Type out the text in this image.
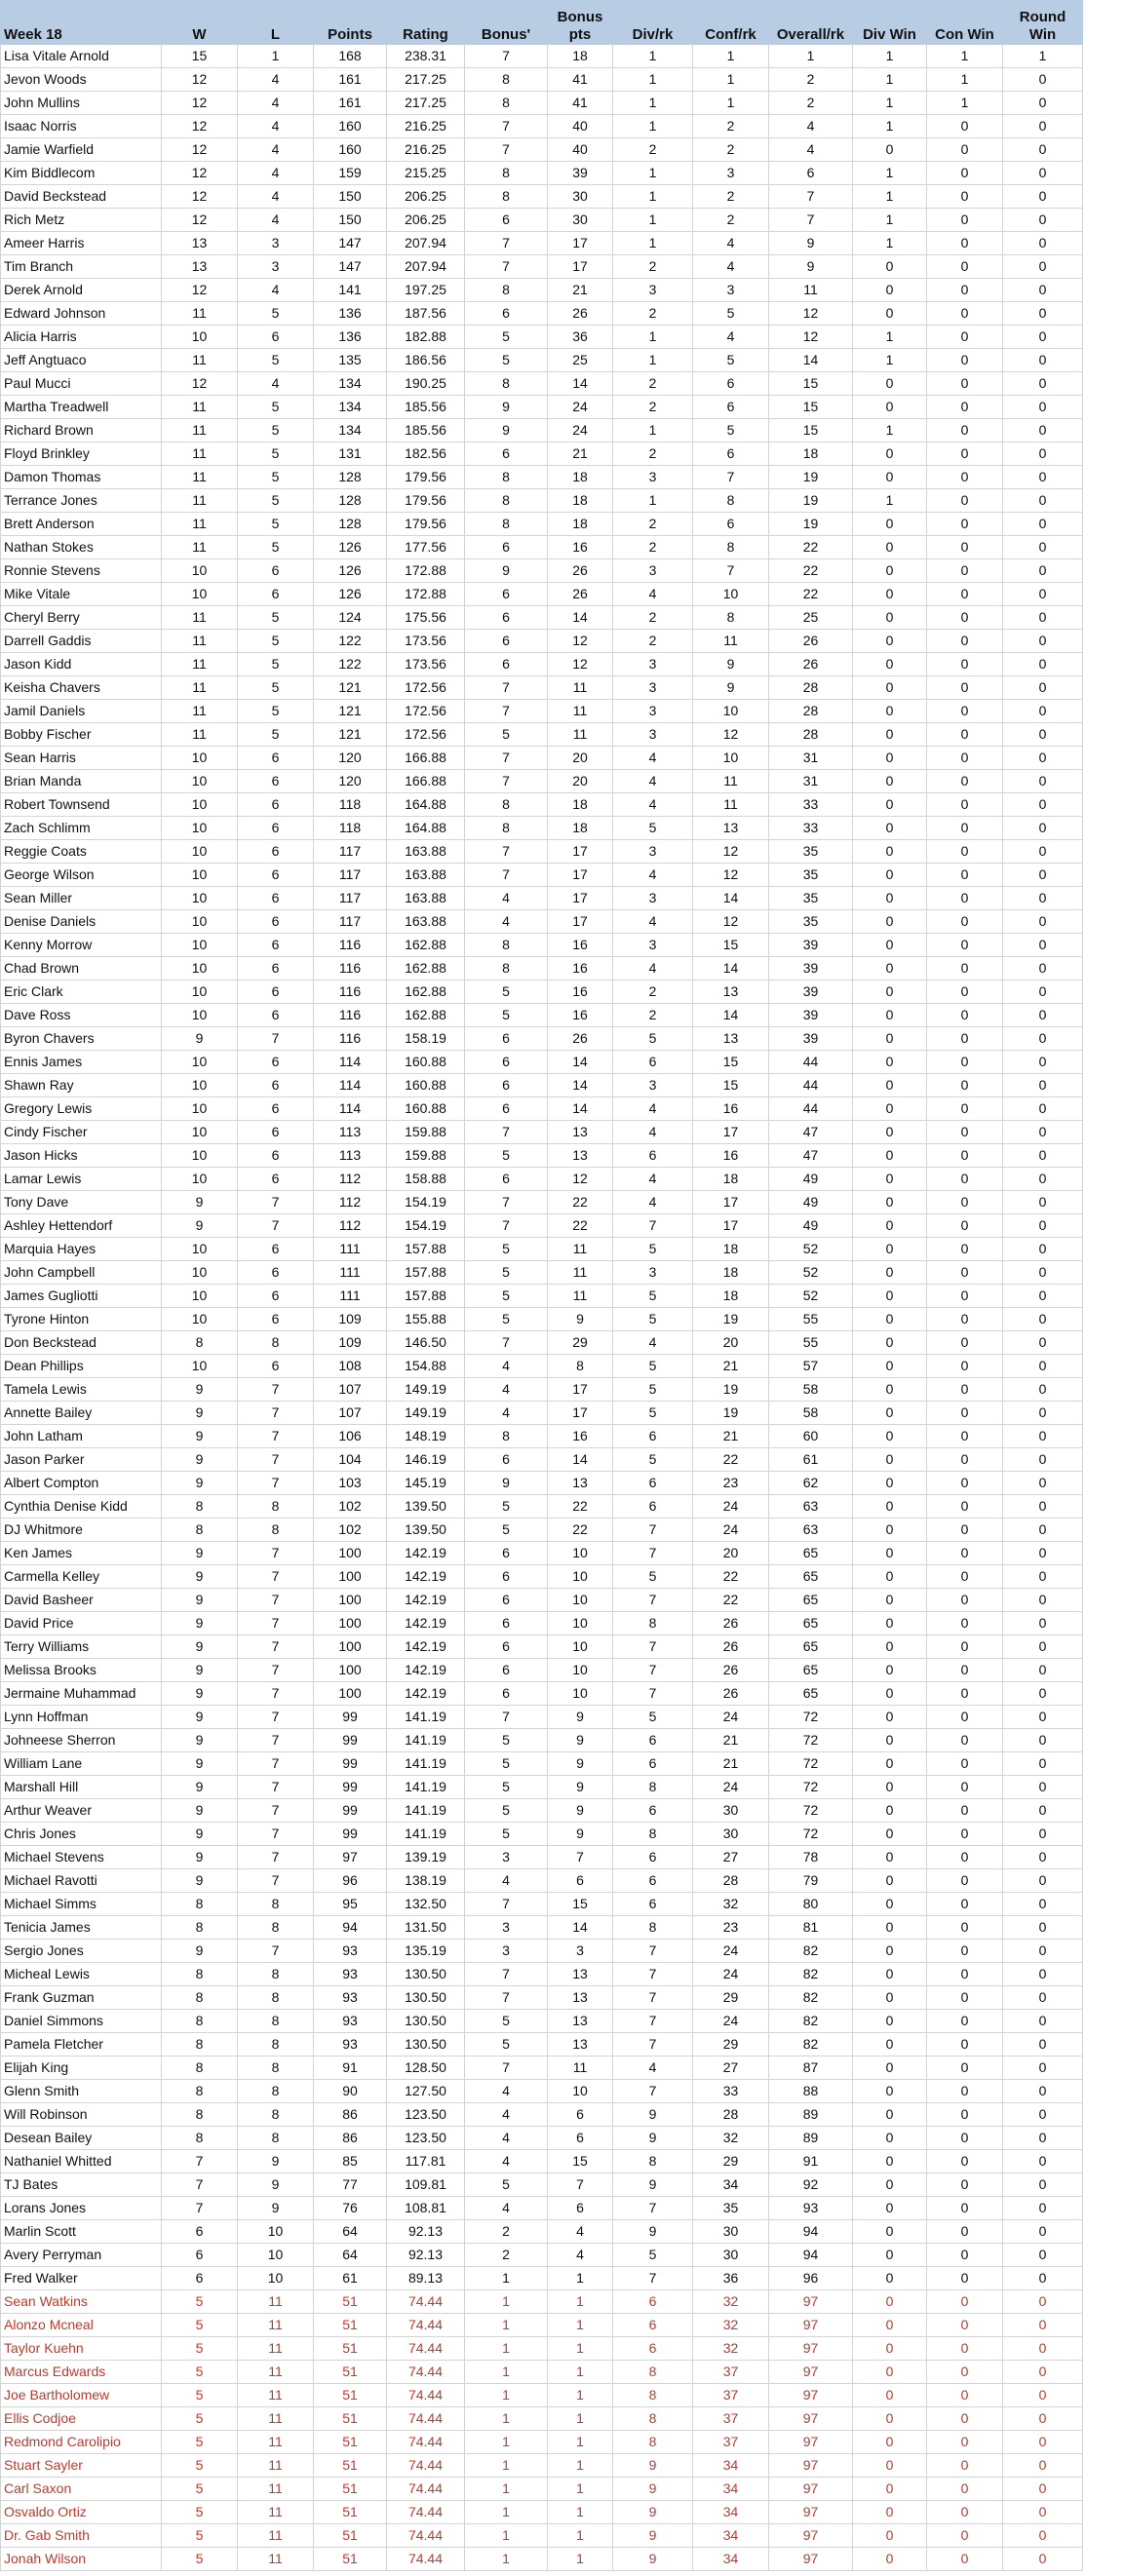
Week 18	W	L	Points	Rating	Bonus'	Bonus pts	Div/rk	Conf/rk	Overall/rk	Div Win	Con Win	Round Win
Lisa Vitale Arnold	15	1	168	238.31	7	18	1	1	1	1	1	1
Jevon Woods	12	4	161	217.25	8	41	1	1	2	1	1	0
John Mullins	12	4	161	217.25	8	41	1	1	2	1	1	0
Isaac Norris	12	4	160	216.25	7	40	1	2	4	1	0	0
Jamie Warfield	12	4	160	216.25	7	40	2	2	4	0	0	0
Kim Biddlecom	12	4	159	215.25	8	39	1	3	6	1	0	0
David Beckstead	12	4	150	206.25	8	30	1	2	7	1	0	0
Rich Metz	12	4	150	206.25	6	30	1	2	7	1	0	0
Ameer Harris	13	3	147	207.94	7	17	1	4	9	1	0	0
Tim Branch	13	3	147	207.94	7	17	2	4	9	0	0	0
Derek Arnold	12	4	141	197.25	8	21	3	3	11	0	0	0
Edward Johnson	11	5	136	187.56	6	26	2	5	12	0	0	0
Alicia Harris	10	6	136	182.88	5	36	1	4	12	1	0	0
Jeff Angtuaco	11	5	135	186.56	5	25	1	5	14	1	0	0
Paul Mucci	12	4	134	190.25	8	14	2	6	15	0	0	0
Martha Treadwell	11	5	134	185.56	9	24	2	6	15	0	0	0
Richard Brown	11	5	134	185.56	9	24	1	5	15	1	0	0
Floyd Brinkley	11	5	131	182.56	6	21	2	6	18	0	0	0
Damon Thomas	11	5	128	179.56	8	18	3	7	19	0	0	0
Terrance Jones	11	5	128	179.56	8	18	1	8	19	1	0	0
Brett Anderson	11	5	128	179.56	8	18	2	6	19	0	0	0
Nathan Stokes	11	5	126	177.56	6	16	2	8	22	0	0	0
Ronnie Stevens	10	6	126	172.88	9	26	3	7	22	0	0	0
Mike Vitale	10	6	126	172.88	6	26	4	10	22	0	0	0
Cheryl Berry	11	5	124	175.56	6	14	2	8	25	0	0	0
Darrell Gaddis	11	5	122	173.56	6	12	2	11	26	0	0	0
Jason Kidd	11	5	122	173.56	6	12	3	9	26	0	0	0
Keisha Chavers	11	5	121	172.56	7	11	3	9	28	0	0	0
Jamil Daniels	11	5	121	172.56	7	11	3	10	28	0	0	0
Bobby Fischer	11	5	121	172.56	5	11	3	12	28	0	0	0
Sean Harris	10	6	120	166.88	7	20	4	10	31	0	0	0
Brian Manda	10	6	120	166.88	7	20	4	11	31	0	0	0
Robert Townsend	10	6	118	164.88	8	18	4	11	33	0	0	0
Zach Schlimm	10	6	118	164.88	8	18	5	13	33	0	0	0
Reggie Coats	10	6	117	163.88	7	17	3	12	35	0	0	0
George Wilson	10	6	117	163.88	7	17	4	12	35	0	0	0
Sean Miller	10	6	117	163.88	4	17	3	14	35	0	0	0
Denise Daniels	10	6	117	163.88	4	17	4	12	35	0	0	0
Kenny Morrow	10	6	116	162.88	8	16	3	15	39	0	0	0
Chad Brown	10	6	116	162.88	8	16	4	14	39	0	0	0
Eric Clark	10	6	116	162.88	5	16	2	13	39	0	0	0
Dave Ross	10	6	116	162.88	5	16	2	14	39	0	0	0
Byron Chavers	9	7	116	158.19	6	26	5	13	39	0	0	0
Ennis James	10	6	114	160.88	6	14	6	15	44	0	0	0
Shawn Ray	10	6	114	160.88	6	14	3	15	44	0	0	0
Gregory Lewis	10	6	114	160.88	6	14	4	16	44	0	0	0
Cindy Fischer	10	6	113	159.88	7	13	4	17	47	0	0	0
Jason Hicks	10	6	113	159.88	5	13	6	16	47	0	0	0
Lamar Lewis	10	6	112	158.88	6	12	4	18	49	0	0	0
Tony Dave	9	7	112	154.19	7	22	4	17	49	0	0	0
Ashley Hettendorf	9	7	112	154.19	7	22	7	17	49	0	0	0
Marquia Hayes	10	6	111	157.88	5	11	5	18	52	0	0	0
John Campbell	10	6	111	157.88	5	11	3	18	52	0	0	0
James Gugliotti	10	6	111	157.88	5	11	5	18	52	0	0	0
Tyrone Hinton	10	6	109	155.88	5	9	5	19	55	0	0	0
Don Beckstead	8	8	109	146.50	7	29	4	20	55	0	0	0
Dean Phillips	10	6	108	154.88	4	8	5	21	57	0	0	0
Tamela Lewis	9	7	107	149.19	4	17	5	19	58	0	0	0
Annette Bailey	9	7	107	149.19	4	17	5	19	58	0	0	0
John Latham	9	7	106	148.19	8	16	6	21	60	0	0	0
Jason Parker	9	7	104	146.19	6	14	5	22	61	0	0	0
Albert Compton	9	7	103	145.19	9	13	6	23	62	0	0	0
Cynthia Denise Kidd	8	8	102	139.50	5	22	6	24	63	0	0	0
DJ Whitmore	8	8	102	139.50	5	22	7	24	63	0	0	0
Ken James	9	7	100	142.19	6	10	7	20	65	0	0	0
Carmella Kelley	9	7	100	142.19	6	10	5	22	65	0	0	0
David Basheer	9	7	100	142.19	6	10	7	22	65	0	0	0
David Price	9	7	100	142.19	6	10	8	26	65	0	0	0
Terry Williams	9	7	100	142.19	6	10	7	26	65	0	0	0
Melissa Brooks	9	7	100	142.19	6	10	7	26	65	0	0	0
Jermaine Muhammad	9	7	100	142.19	6	10	7	26	65	0	0	0
Lynn Hoffman	9	7	99	141.19	7	9	5	24	72	0	0	0
Johneese Sherron	9	7	99	141.19	5	9	6	21	72	0	0	0
William Lane	9	7	99	141.19	5	9	6	21	72	0	0	0
Marshall Hill	9	7	99	141.19	5	9	8	24	72	0	0	0
Arthur Weaver	9	7	99	141.19	5	9	6	30	72	0	0	0
Chris Jones	9	7	99	141.19	5	9	8	30	72	0	0	0
Michael Stevens	9	7	97	139.19	3	7	6	27	78	0	0	0
Michael Ravotti	9	7	96	138.19	4	6	6	28	79	0	0	0
Michael Simms	8	8	95	132.50	7	15	6	32	80	0	0	0
Tenicia James	8	8	94	131.50	3	14	8	23	81	0	0	0
Sergio Jones	9	7	93	135.19	3	3	7	24	82	0	0	0
Micheal Lewis	8	8	93	130.50	7	13	7	24	82	0	0	0
Frank Guzman	8	8	93	130.50	7	13	7	29	82	0	0	0
Daniel Simmons	8	8	93	130.50	5	13	7	24	82	0	0	0
Pamela Fletcher	8	8	93	130.50	5	13	7	29	82	0	0	0
Elijah King	8	8	91	128.50	7	11	4	27	87	0	0	0
Glenn Smith	8	8	90	127.50	4	10	7	33	88	0	0	0
Will Robinson	8	8	86	123.50	4	6	9	28	89	0	0	0
Desean Bailey	8	8	86	123.50	4	6	9	32	89	0	0	0
Nathaniel Whitted	7	9	85	117.81	4	15	8	29	91	0	0	0
TJ Bates	7	9	77	109.81	5	7	9	34	92	0	0	0
Lorans Jones	7	9	76	108.81	4	6	7	35	93	0	0	0
Marlin Scott	6	10	64	92.13	2	4	9	30	94	0	0	0
Avery Perryman	6	10	64	92.13	2	4	5	30	94	0	0	0
Fred Walker	6	10	61	89.13	1	1	7	36	96	0	0	0
Sean Watkins	5	11	51	74.44	1	1	6	32	97	0	0	0
Alonzo Mcneal	5	11	51	74.44	1	1	6	32	97	0	0	0
Taylor Kuehn	5	11	51	74.44	1	1	6	32	97	0	0	0
Marcus Edwards	5	11	51	74.44	1	1	8	37	97	0	0	0
Joe Bartholomew	5	11	51	74.44	1	1	8	37	97	0	0	0
Ellis Codjoe	5	11	51	74.44	1	1	8	37	97	0	0	0
Redmond Carolipio	5	11	51	74.44	1	1	8	37	97	0	0	0
Stuart Sayler	5	11	51	74.44	1	1	9	34	97	0	0	0
Carl Saxon	5	11	51	74.44	1	1	9	34	97	0	0	0
Osvaldo Ortiz	5	11	51	74.44	1	1	9	34	97	0	0	0
Dr. Gab Smith	5	11	51	74.44	1	1	9	34	97	0	0	0
Jonah Wilson	5	11	51	74.44	1	1	9	34	97	0	0	0
